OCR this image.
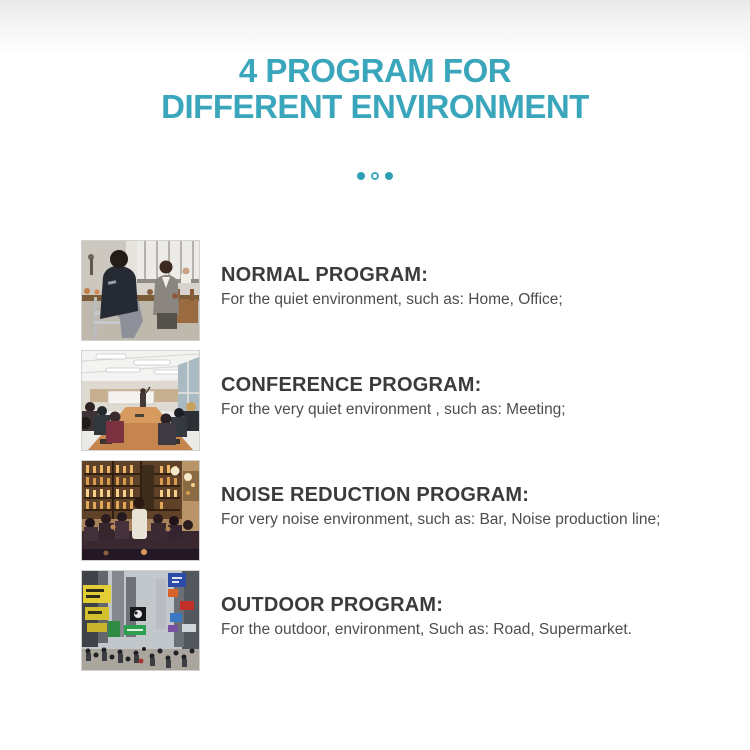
4 PROGRAM FOR
DIFFERENT ENVIRONMENT
NORMAL PROGRAM:

For the quiet environment, such as: Home, Office;

CONFERENCE PROGRAM:

For the very quiet environment , such as: Meeting;

NOISE REDUCTION PROGRAM:

For very noise environment, such as: Bar, Noise production line;

OUTDOOR PROGRAM:

For the outdoor, environment, Such as: Road, Supermarket.
